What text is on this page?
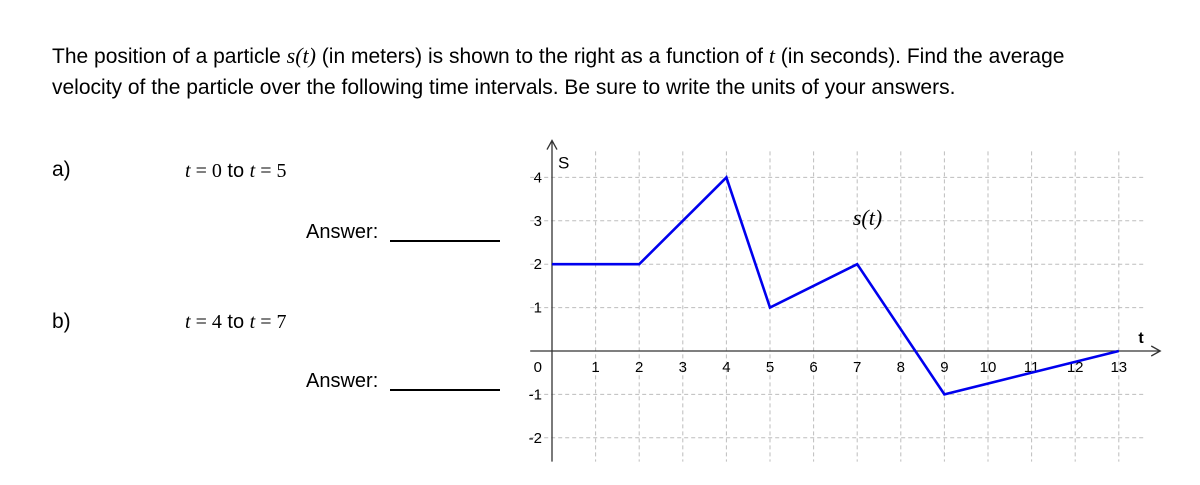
The position of a particle s(t) (in meters) is shown to the right as a function of t (in seconds). Find the average velocity of the particle over the following time intervals. Be sure to write the units of your answers.

a)	t = 0 to t = 5
Answer:
b)	t = 4 to t = 7
Answer:
1 2 3 4 5 6 7 8 9 10 11 12 13
-2
-1
0
1
2
3
4
S
t
s(t)
